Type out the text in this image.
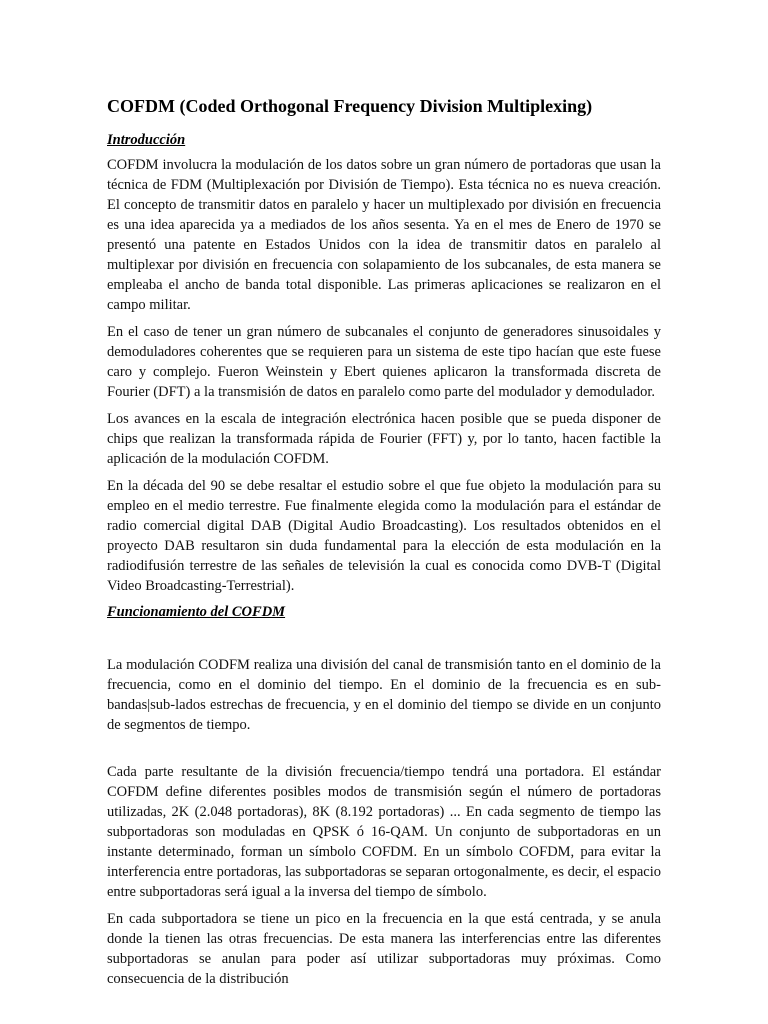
COFDM (Coded Orthogonal Frequency Division Multiplexing)
Introducción

COFDM involucra la modulación de los datos sobre un gran número de portadoras que usan la técnica de FDM (Multiplexación por División de Tiempo). Esta técnica no es nueva creación. El concepto de transmitir datos en paralelo y hacer un multiplexado por división en frecuencia es una idea aparecida ya a mediados de los años sesenta. Ya en el mes de Enero de 1970 se presentó una patente en Estados Unidos con la idea de transmitir datos en paralelo al multiplexar por división en frecuencia con solapamiento de los subcanales, de esta manera se empleaba el ancho de banda total disponible. Las primeras aplicaciones se realizaron en el campo militar.

En el caso de tener un gran número de subcanales el conjunto de generadores sinusoidales y demoduladores coherentes que se requieren para un sistema de este tipo hacían que este fuese caro y complejo. Fueron Weinstein y Ebert quienes aplicaron la transformada discreta de Fourier (DFT) a la transmisión de datos en paralelo como parte del modulador y demodulador.

Los avances en la escala de integración electrónica hacen posible que se pueda disponer de chips que realizan la transformada rápida de Fourier (FFT) y, por lo tanto, hacen factible la aplicación de la modulación COFDM.

En la década del 90 se debe resaltar el estudio sobre el que fue objeto la modulación para su empleo en el medio terrestre. Fue finalmente elegida como la modulación para el estándar de radio comercial digital DAB (Digital Audio Broadcasting). Los resultados obtenidos en el proyecto DAB resultaron sin duda fundamental para la elección de esta modulación en la radiodifusión terrestre de las señales de televisión la cual es conocida como DVB-T (Digital Video Broadcasting-Terrestrial).

Funcionamiento del COFDM

La modulación CODFM realiza una división del canal de transmisión tanto en el dominio de la frecuencia, como en el dominio del tiempo. En el dominio de la frecuencia es en sub-bandas|sub-lados estrechas de frecuencia, y en el dominio del tiempo se divide en un conjunto de segmentos de tiempo.

Cada parte resultante de la división frecuencia/tiempo tendrá una portadora. El estándar COFDM define diferentes posibles modos de transmisión según el número de portadoras utilizadas, 2K (2.048 portadoras), 8K (8.192 portadoras) ... En cada segmento de tiempo las subportadoras son moduladas en QPSK ó 16-QAM. Un conjunto de subportadoras en un instante determinado, forman un símbolo COFDM. En un símbolo COFDM, para evitar la interferencia entre portadoras, las subportadoras se separan ortogonalmente, es decir, el espacio entre subportadoras será igual a la inversa del tiempo de símbolo.

En cada subportadora se tiene un pico en la frecuencia en la que está centrada, y se anula donde la tienen las otras frecuencias. De esta manera las interferencias entre las diferentes subportadoras se anulan para poder así utilizar subportadoras muy próximas. Como consecuencia de la distribución
